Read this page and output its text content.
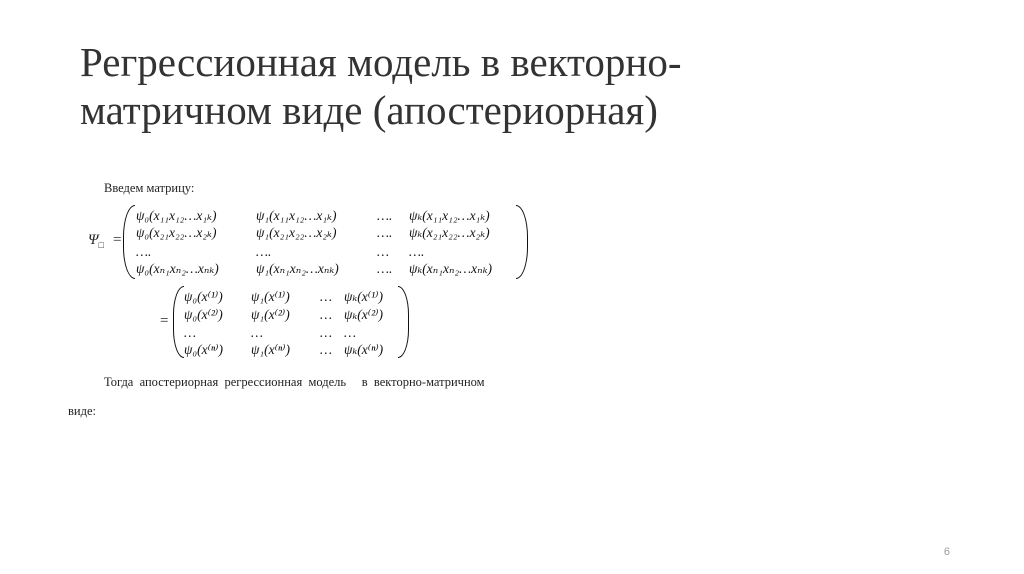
Регрессионная модель в векторно-
матричном виде (апостериорная)
Введем матрицу:
$\Psi_□$ =
ψ₀(x₁₁x₁₂…x₁ₖ)	ψ₁(x₁₁x₁₂…x₁ₖ)	…. ψₖ(x₁₁x₁₂…x₁ₖ)
ψ₀(x₂₁x₂₂…x₂ₖ)	ψ₁(x₂₁x₂₂…x₂ₖ)	…. ψₖ(x₂₁x₂₂…x₂ₖ)
….	….	… ….
ψ₀(xₙ₁xₙ₂…xₙₖ)	ψ₁(xₙ₁xₙ₂…xₙₖ)	…. ψₖ(xₙ₁xₙ₂…xₙₖ)
=
ψ₀(x⁽¹⁾) ψ₁(x⁽¹⁾) … ψₖ(x⁽¹⁾)
ψ₀(x⁽²⁾) ψ₁(x⁽²⁾) … ψₖ(x⁽²⁾)
…	…	… …
ψ₀(x⁽ⁿ⁾) ψ₁(x⁽ⁿ⁾) … ψₖ(x⁽ⁿ⁾)
Тогда  апостериорная  регрессионная  модель     в  векторно-матричном
виде:
6
